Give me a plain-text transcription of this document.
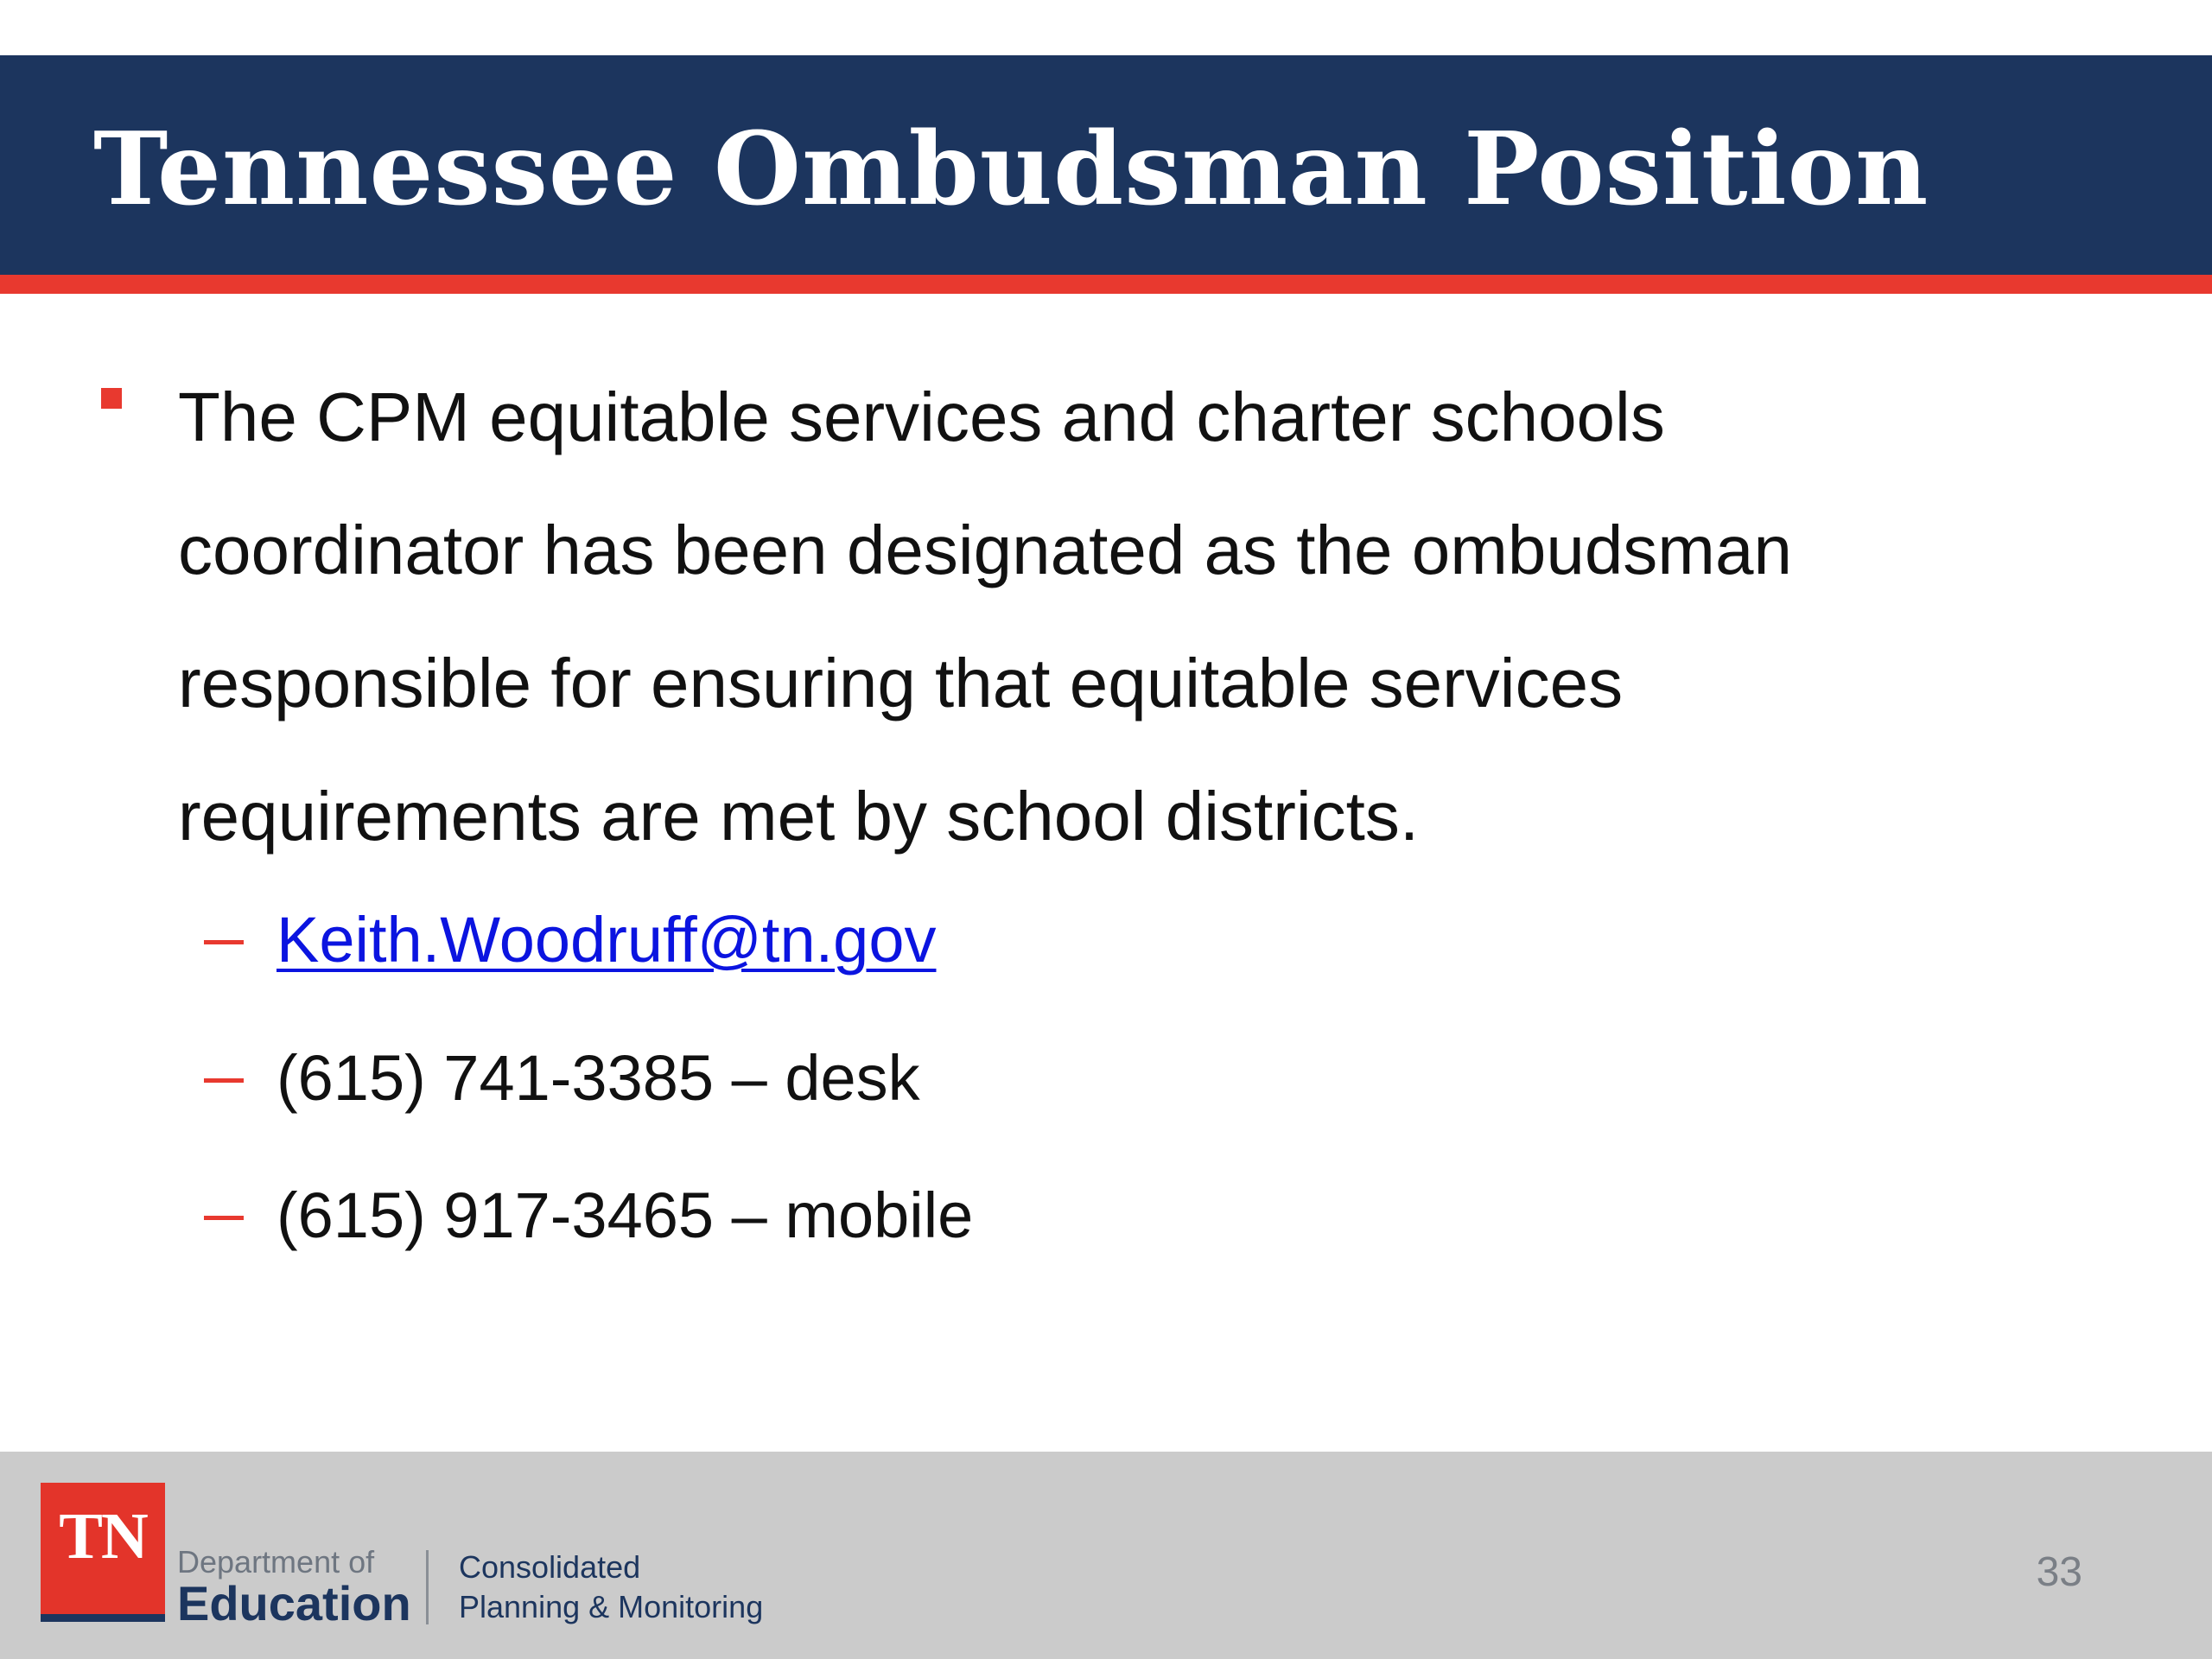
Tennessee Ombudsman Position
The CPM equitable services and charter schools
coordinator has been designated as the ombudsman
responsible for ensuring that equitable services
requirements are met by school districts.
Keith.Woodruff@tn.gov
(615) 741-3385 – desk
(615) 917-3465 – mobile
TN Department of
Education
Consolidated
Planning & Monitoring
33
